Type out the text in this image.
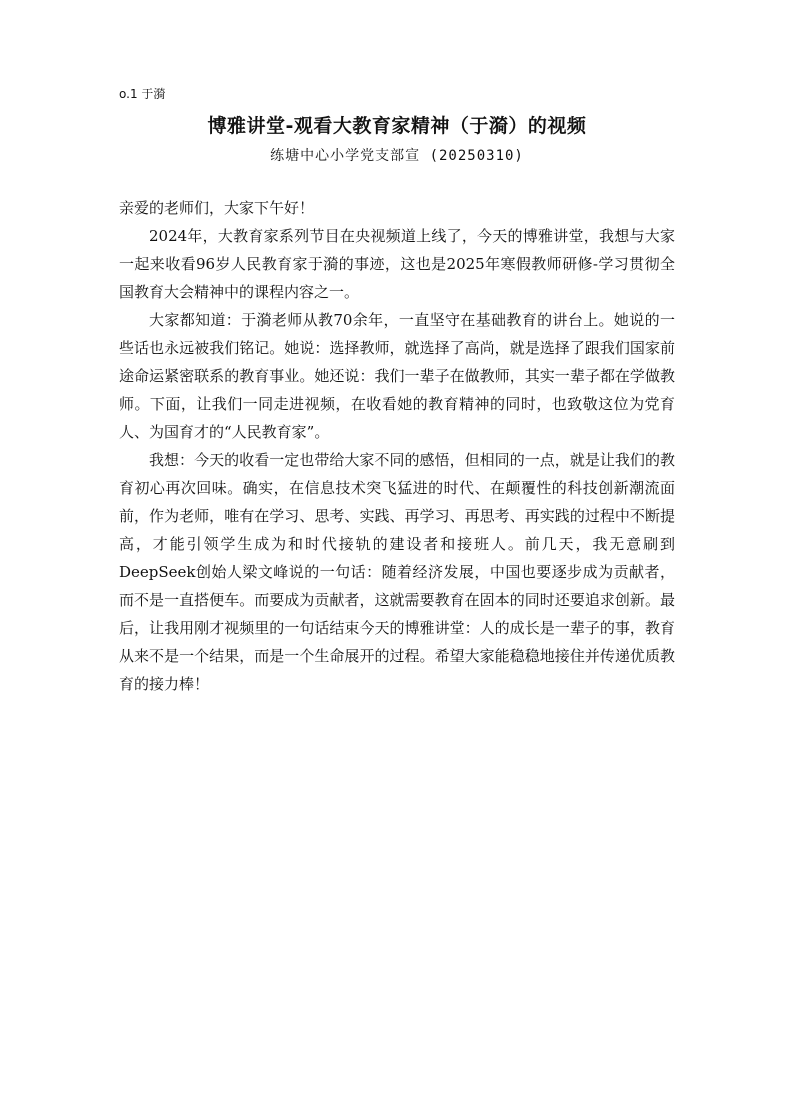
o.1 于漪
博雅讲堂-观看大教育家精神（于漪）的视频
练塘中心小学党支部宣 (20250310)

亲爱的老师们，大家下午好！

2024年，大教育家系列节目在央视频道上线了，今天的博雅讲堂，我想与大家一起来收看96岁人民教育家于漪的事迹，这也是2025年寒假教师研修-学习贯彻全国教育大会精神中的课程内容之一。

大家都知道：于漪老师从教70余年，一直坚守在基础教育的讲台上。她说的一些话也永远被我们铭记。她说：选择教师，就选择了高尚，就是选择了跟我们国家前途命运紧密联系的教育事业。她还说：我们一辈子在做教师，其实一辈子都在学做教师。下面，让我们一同走进视频，在收看她的教育精神的同时，也致敬这位为党育人、为国育才的“人民教育家”。

我想：今天的收看一定也带给大家不同的感悟，但相同的一点，就是让我们的教育初心再次回味。确实，在信息技术突飞猛进的时代、在颠覆性的科技创新潮流面前，作为老师，唯有在学习、思考、实践、再学习、再思考、再实践的过程中不断提高，才能引领学生成为和时代接轨的建设者和接班人。前几天，我无意刷到DeepSeek创始人梁文峰说的一句话：随着经济发展，中国也要逐步成为贡献者，而不是一直搭便车。而要成为贡献者，这就需要教育在固本的同时还要追求创新。最后，让我用刚才视频里的一句话结束今天的博雅讲堂：人的成长是一辈子的事，教育从来不是一个结果，而是一个生命展开的过程。希望大家能稳稳地接住并传递优质教育的接力棒！
